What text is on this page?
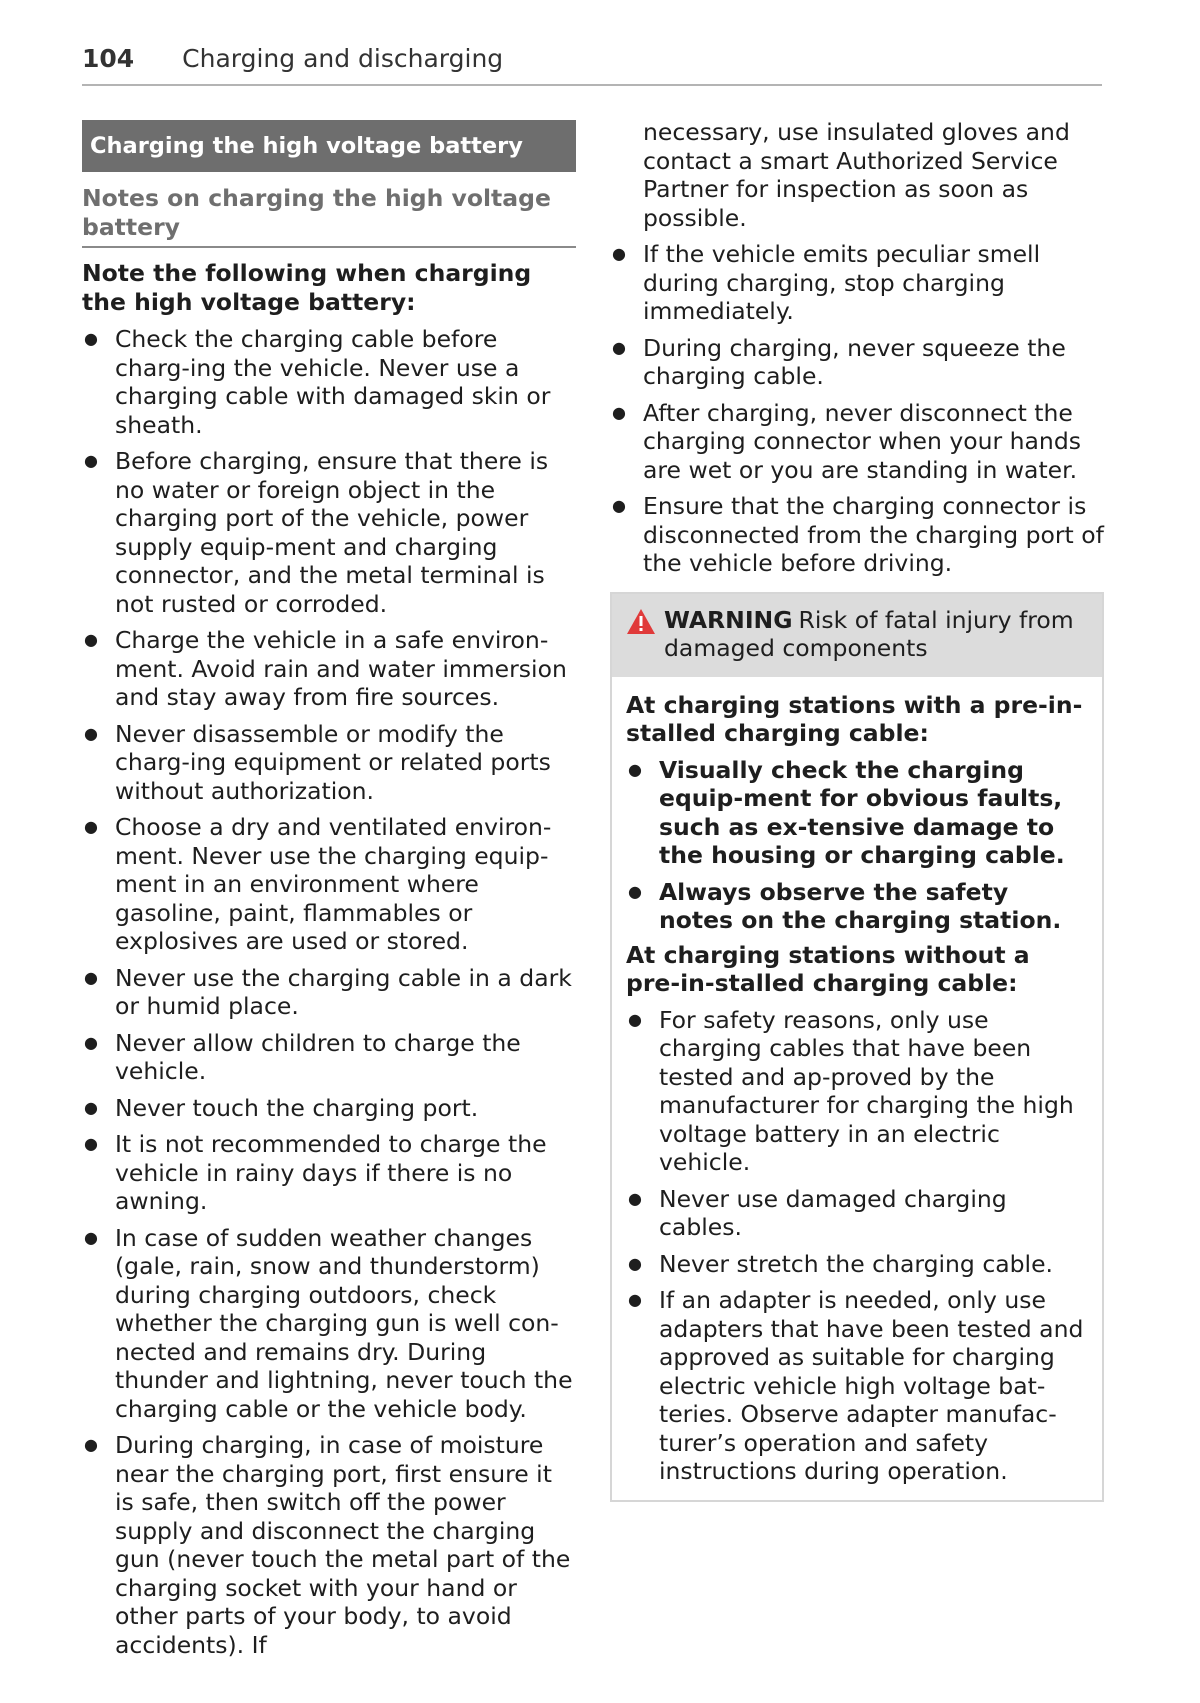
104 Charging and discharging
Charging the high voltage battery
Notes on charging the high voltage battery
Note the following when charging the high voltage battery:
● Check the charging cable before charg-ing the vehicle. Never use a charging cable with damaged skin or sheath.
● Before charging, ensure that there is no water or foreign object in the charging port of the vehicle, power supply equip-ment and charging connector, and the metal terminal is not rusted or corroded.
● Charge the vehicle in a safe environ-ment. Avoid rain and water immersion and stay away from fire sources.
● Never disassemble or modify the charg-ing equipment or related ports without authorization.
● Choose a dry and ventilated environ-ment. Never use the charging equip-ment in an environment where gasoline, paint, flammables or explosives are used or stored.
● Never use the charging cable in a dark or humid place.
● Never allow children to charge the vehicle.
● Never touch the charging port.
● It is not recommended to charge the vehicle in rainy days if there is no awning.
● In case of sudden weather changes (gale, rain, snow and thunderstorm) during charging outdoors, check whether the charging gun is well con-nected and remains dry. During thunder and lightning, never touch the charging cable or the vehicle body.
● During charging, in case of moisture near the charging port, first ensure it is safe, then switch off the power supply and disconnect the charging gun (never touch the metal part of the charging socket with your hand or other parts of your body, to avoid accidents). If
necessary, use insulated gloves and contact a smart Authorized Service Partner for inspection as soon as possible.
● If the vehicle emits peculiar smell during charging, stop charging immediately.
● During charging, never squeeze the charging cable.
● After charging, never disconnect the charging connector when your hands are wet or you are standing in water.
● Ensure that the charging connector is disconnected from the charging port of the vehicle before driving.
WARNING Risk of fatal injury from damaged components
At charging stations with a pre-in-stalled charging cable:
● Visually check the charging equip-ment for obvious faults, such as ex-tensive damage to the housing or charging cable.
● Always observe the safety notes on the charging station.
At charging stations without a pre-in-stalled charging cable:
● For safety reasons, only use charging cables that have been tested and ap-proved by the manufacturer for charging the high voltage battery in an electric vehicle.
● Never use damaged charging cables.
● Never stretch the charging cable.
● If an adapter is needed, only use adapters that have been tested and approved as suitable for charging electric vehicle high voltage bat-teries. Observe adapter manufac-turer’s operation and safety instructions during operation.
